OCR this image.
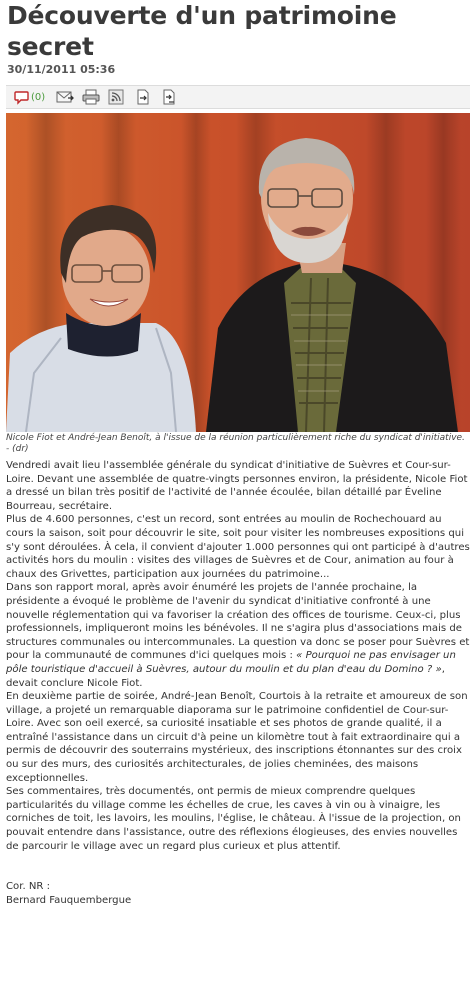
Découverte d'un patrimoine secret
30/11/2011 05:36
(0)
Nicole Fiot et André-Jean Benoît, à l'issue de la réunion particulièrement riche du syndicat d'initiative. - (dr)

Vendredi avait lieu l'assemblée générale du syndicat d'initiative de Suèvres et Cour-sur-Loire. Devant une assemblée de quatre-vingts personnes environ, la présidente, Nicole Fiot a dressé un bilan très positif de l'activité de l'année écoulée, bilan détaillé par Éveline Bourreau, secrétaire.

Plus de 4.600 personnes, c'est un record, sont entrées au moulin de Rochechouard au cours la saison, soit pour découvrir le site, soit pour visiter les nombreuses expositions qui s'y sont déroulées. À cela, il convient d'ajouter 1.000 personnes qui ont participé à d'autres activités hors du moulin : visites des villages de Suèvres et de Cour, animation au four à chaux des Grivettes, participation aux journées du patrimoine...

Dans son rapport moral, après avoir énuméré les projets de l'année prochaine, la présidente a évoqué le problème de l'avenir du syndicat d'initiative confronté à une nouvelle réglementation qui va favoriser la création des offices de tourisme. Ceux-ci, plus professionnels, impliqueront moins les bénévoles. Il ne s'agira plus d'associations mais de structures communales ou intercommunales. La question va donc se poser pour Suèvres et pour la communauté de communes d'ici quelques mois : « Pourquoi ne pas envisager un pôle touristique d'accueil à Suèvres, autour du moulin et du plan d'eau du Domino ? », devait conclure Nicole Fiot.

En deuxième partie de soirée, André-Jean Benoît, Courtois à la retraite et amoureux de son village, a projeté un remarquable diaporama sur le patrimoine confidentiel de Cour-sur-Loire. Avec son oeil exercé, sa curiosité insatiable et ses photos de grande qualité, il a entraîné l'assistance dans un circuit d'à peine un kilomètre tout à fait extraordinaire qui a permis de découvrir des souterrains mystérieux, des inscriptions étonnantes sur des croix ou sur des murs, des curiosités architecturales, de jolies cheminées, des maisons exceptionnelles.

Ses commentaires, très documentés, ont permis de mieux comprendre quelques particularités du village comme les échelles de crue, les caves à vin ou à vinaigre, les corniches de toit, les lavoirs, les moulins, l'église, le château. À l'issue de la projection, on pouvait entendre dans l'assistance, outre des réflexions élogieuses, des envies nouvelles de parcourir le village avec un regard plus curieux et plus attentif.

Cor. NR :

Bernard Fauquembergue
